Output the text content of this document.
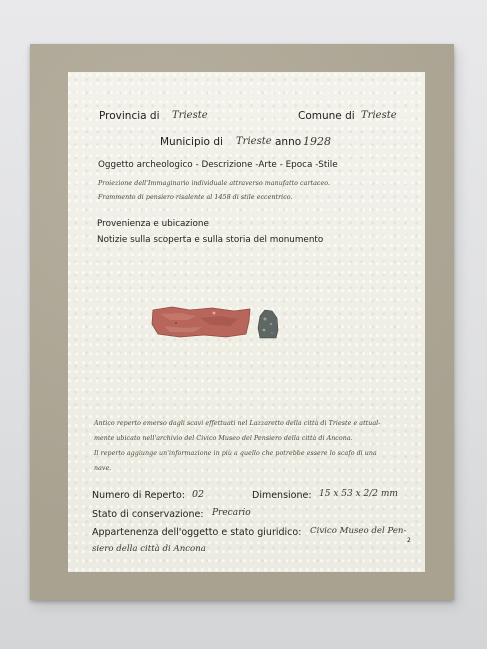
Provincia di Trieste	Comune di Trieste
Municipio di Trieste anno 1928
Oggetto archeologico - Descrizione -Arte - Epoca -Stile
Proiezione dell'Immaginario individuale attraverso manufatto cartaceo.
Frammento di pensiero risalente al 1458 di stile eccentrico.
Provenienza e ubicazione
Notizie sulla scoperta e sulla storia del monumento
Antico reperto emerso dagli scavi effettuati nel Lazzaretto della città di Trieste e attual-
mente ubicato nell'archivio del Civico Museo del Pensiero della città di Ancona.
Il reperto aggiunge un'informazione in più a quello che potrebbe essere lo scafo di una
nave.
Numero di Reperto: 02	Dimensione: 15 x 53 x 2/2 mm
Stato di conservazione: Precario
Appartenenza dell'oggetto e stato giuridico: Civico Museo del Pen-
siero della città di Ancona
2
